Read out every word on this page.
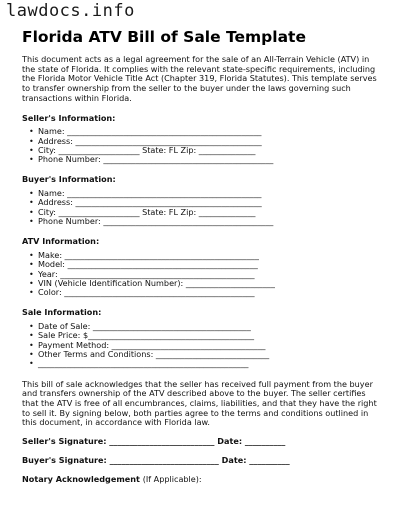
lawdocs.info
Florida ATV Bill of Sale Template

This document acts as a legal agreement for the sale of an All-Terrain Vehicle (ATV) in the state of Florida. It complies with the relevant state-specific requirements, including the Florida Motor Vehicle Title Act (Chapter 319, Florida Statutes). This template serves to transfer ownership from the seller to the buyer under the laws governing such transactions within Florida.

Seller's Information:
• Name: ________________________________________________
• Address: ______________________________________________
• City: ____________________ State: FL Zip: ______________
• Phone Number: __________________________________________
Buyer's Information:
• Name: ________________________________________________
• Address: ______________________________________________
• City: ____________________ State: FL Zip: ______________
• Phone Number: __________________________________________
ATV Information:
• Make: ________________________________________________
• Model: _______________________________________________
• Year: ________________________________________________
• VIN (Vehicle Identification Number): ______________________
• Color: _______________________________________________
Sale Information:
• Date of Sale: _______________________________________
• Sale Price: $_________________________________________
• Payment Method: ______________________________________
• Other Terms and Conditions: ____________________________
• ____________________________________________________

This bill of sale acknowledges that the seller has received full payment from the buyer and transfers ownership of the ATV described above to the buyer. The seller certifies that the ATV is free of all encumbrances, claims, liabilities, and that they have the right to sell it. By signing below, both parties agree to the terms and conditions outlined in this document, in accordance with Florida law.

Seller's Signature: __________________________ Date: __________
Buyer's Signature: ___________________________ Date: __________
Notary Acknowledgement (If Applicable):
